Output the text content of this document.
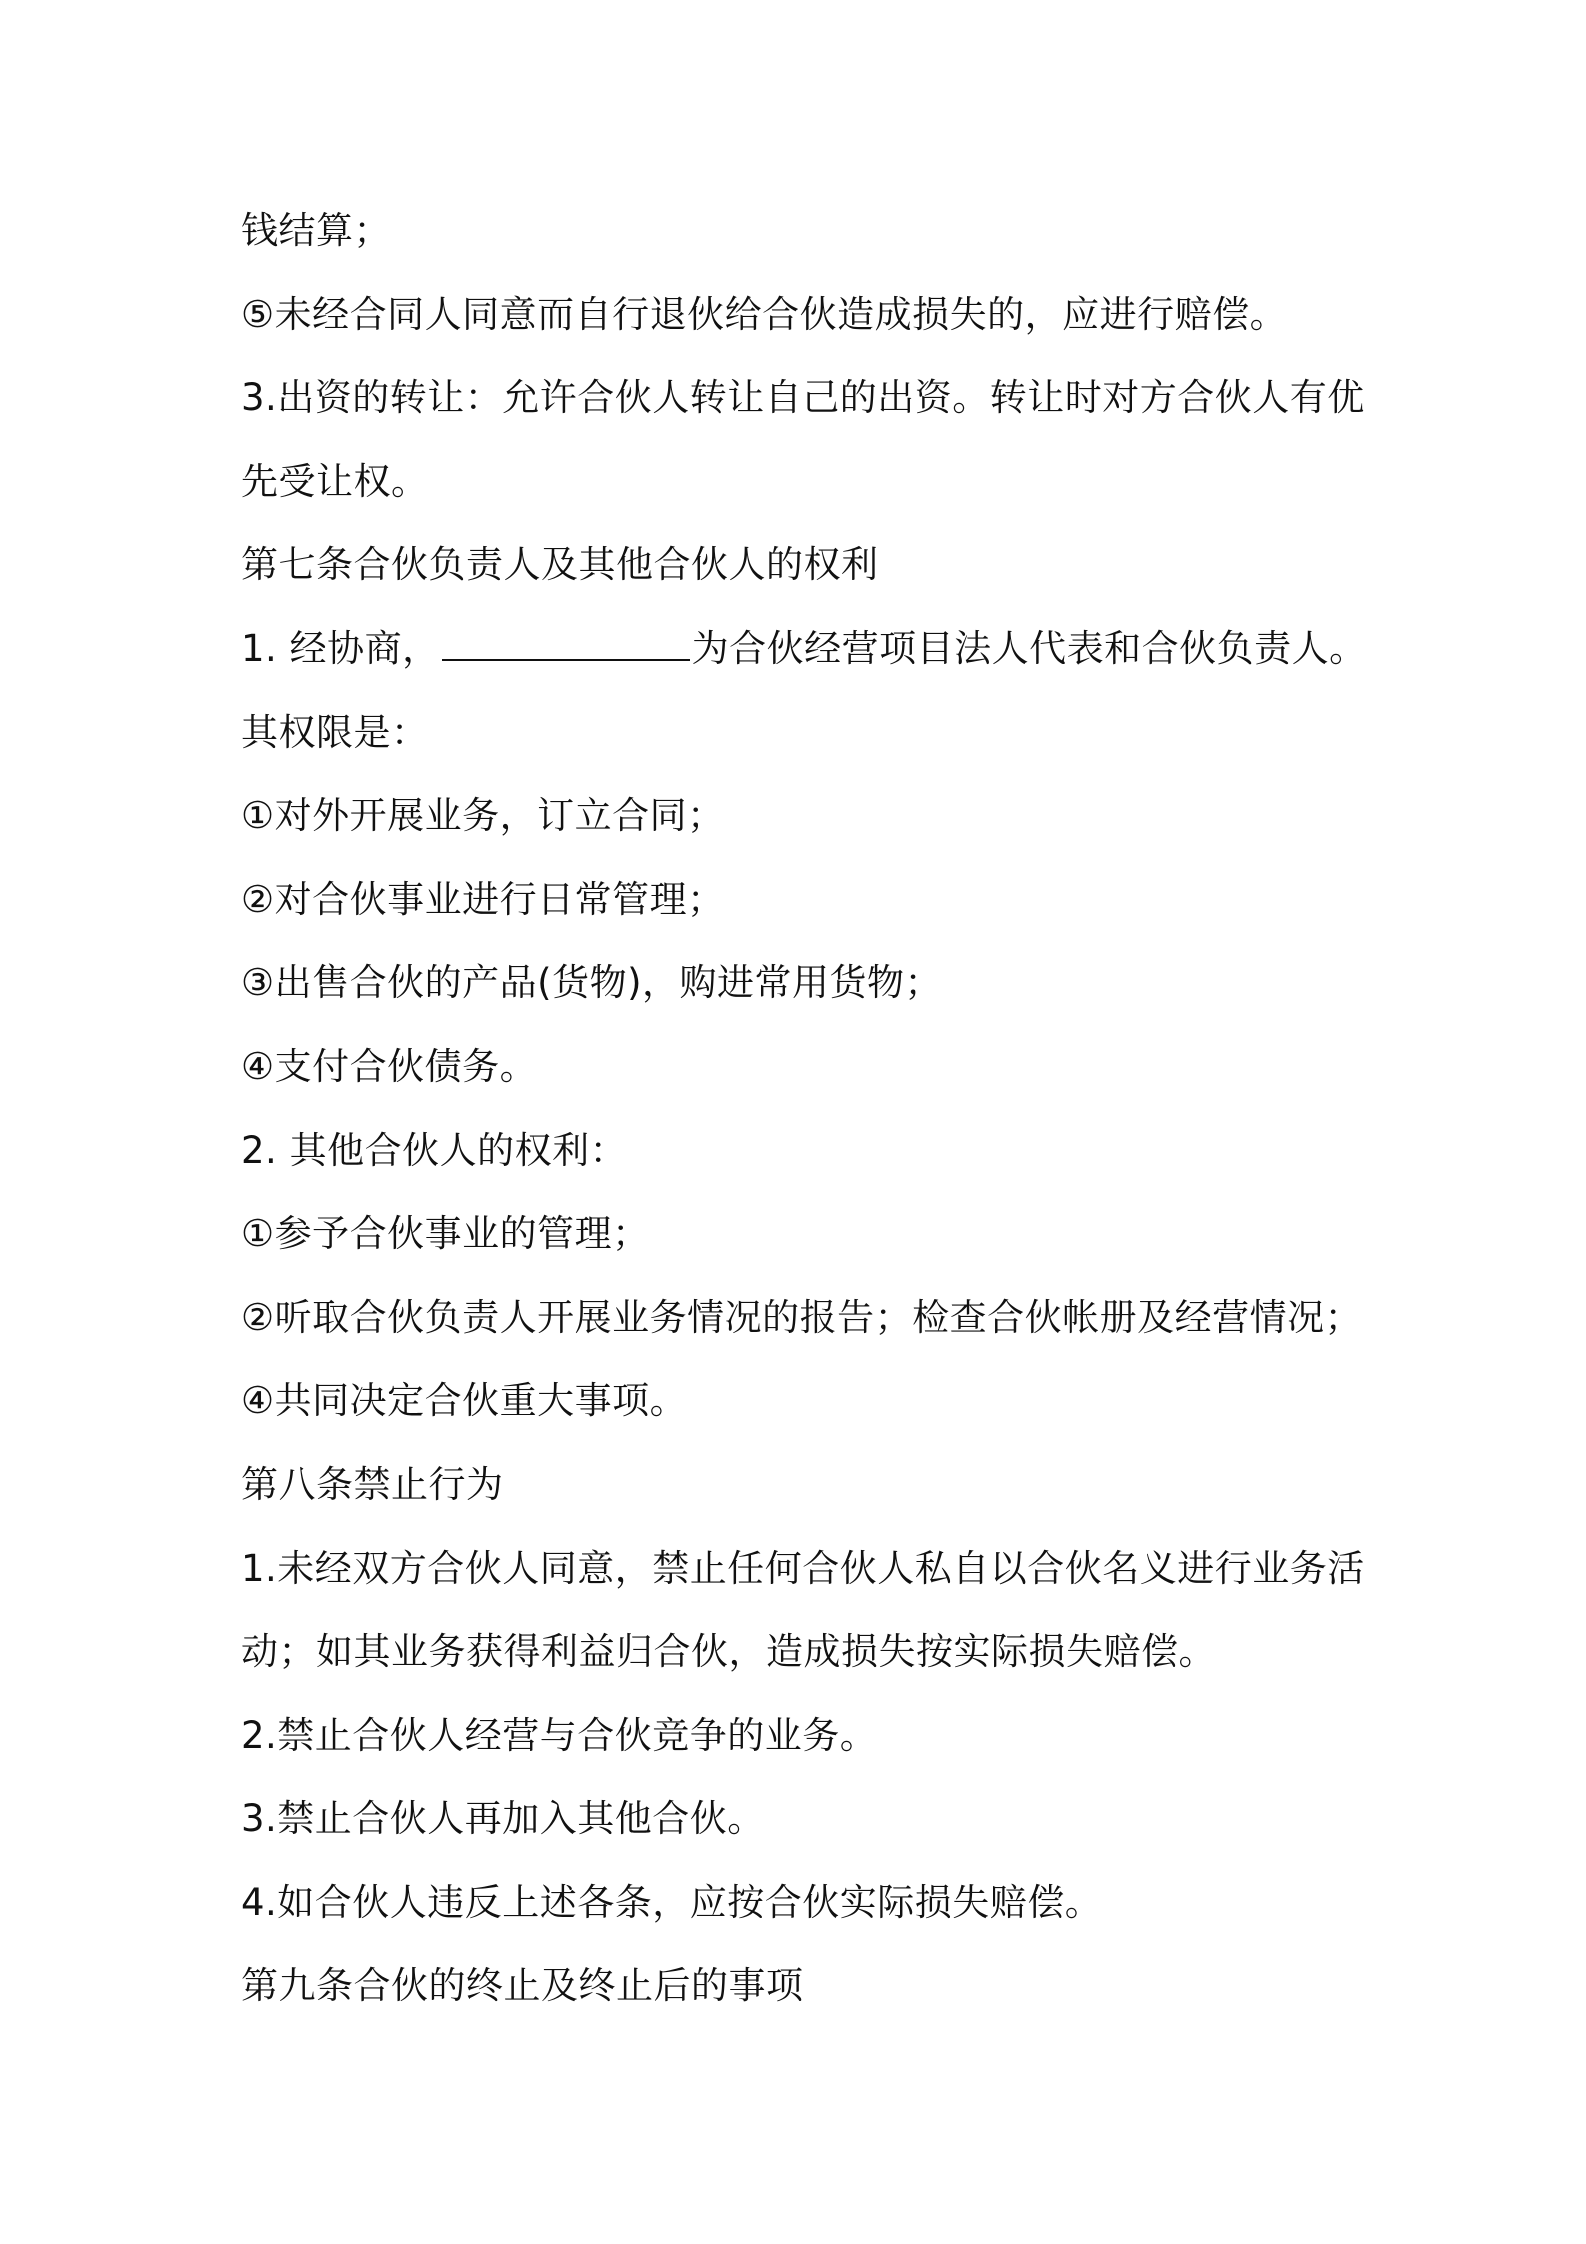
钱结算；
⑤未经合同人同意而自行退伙给合伙造成损失的，应进行赔偿。
3.出资的转让：允许合伙人转让自己的出资。转让时对方合伙人有优
先受让权。
第七条合伙负责人及其他合伙人的权利
1. 经协商，	为合伙经营项目法人代表和合伙负责人。
其权限是：
①对外开展业务，订立合同；
②对合伙事业进行日常管理；
③出售合伙的产品(货物)，购进常用货物；
④支付合伙债务。
2. 其他合伙人的权利：
①参予合伙事业的管理；
②听取合伙负责人开展业务情况的报告；检查合伙帐册及经营情况；
④共同决定合伙重大事项。
第八条禁止行为
1.未经双方合伙人同意，禁止任何合伙人私自以合伙名义进行业务活
动；如其业务获得利益归合伙，造成损失按实际损失赔偿。
2.禁止合伙人经营与合伙竞争的业务。
3.禁止合伙人再加入其他合伙。
4.如合伙人违反上述各条，应按合伙实际损失赔偿。
第九条合伙的终止及终止后的事项
